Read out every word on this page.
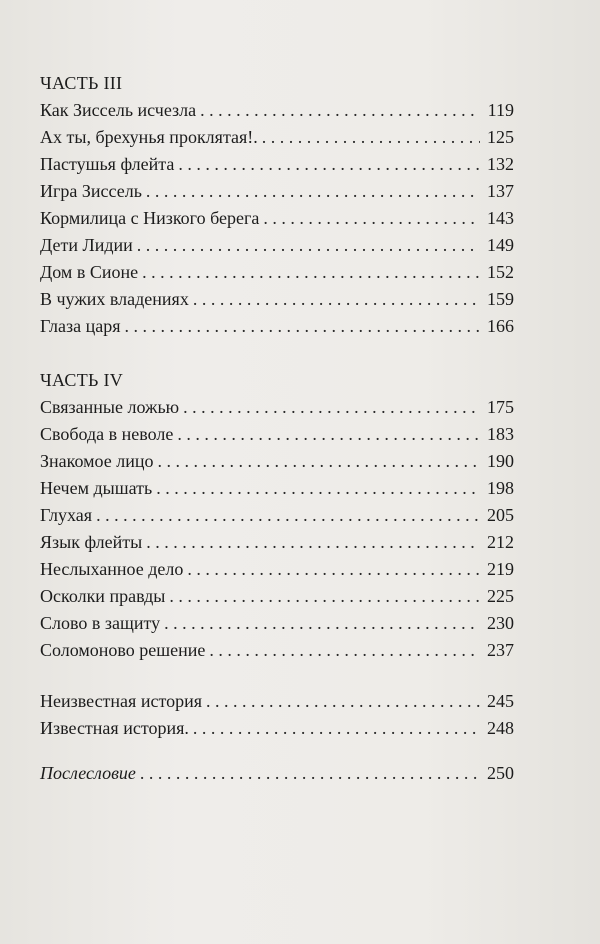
ЧАСТЬ III
Как Зиссель исчезла . . .	119
Ах ты, брехунья проклятая!. . . .	125
Пастушья флейта . . .	132
Игра Зиссель . . .	137
Кормилица с Низкого берега . . .	143
Дети Лидии . . .	149
Дом в Сионе . . .	152
В чужих владениях . . .	159
Глаза царя . . .	166
ЧАСТЬ IV
Связанные ложью . . .	175
Свобода в неволе . . .	183
Знакомое лицо . . .	190
Нечем дышать . . .	198
Глухая . . .	205
Язык флейты . . .	212
Неслыханное дело . . .	219
Осколки правды . . .	225
Слово в защиту . . .	230
Соломоново решение . . .	237
Неизвестная история . . .	245
Известная история. . . .	248
Послесловие . . .	250
